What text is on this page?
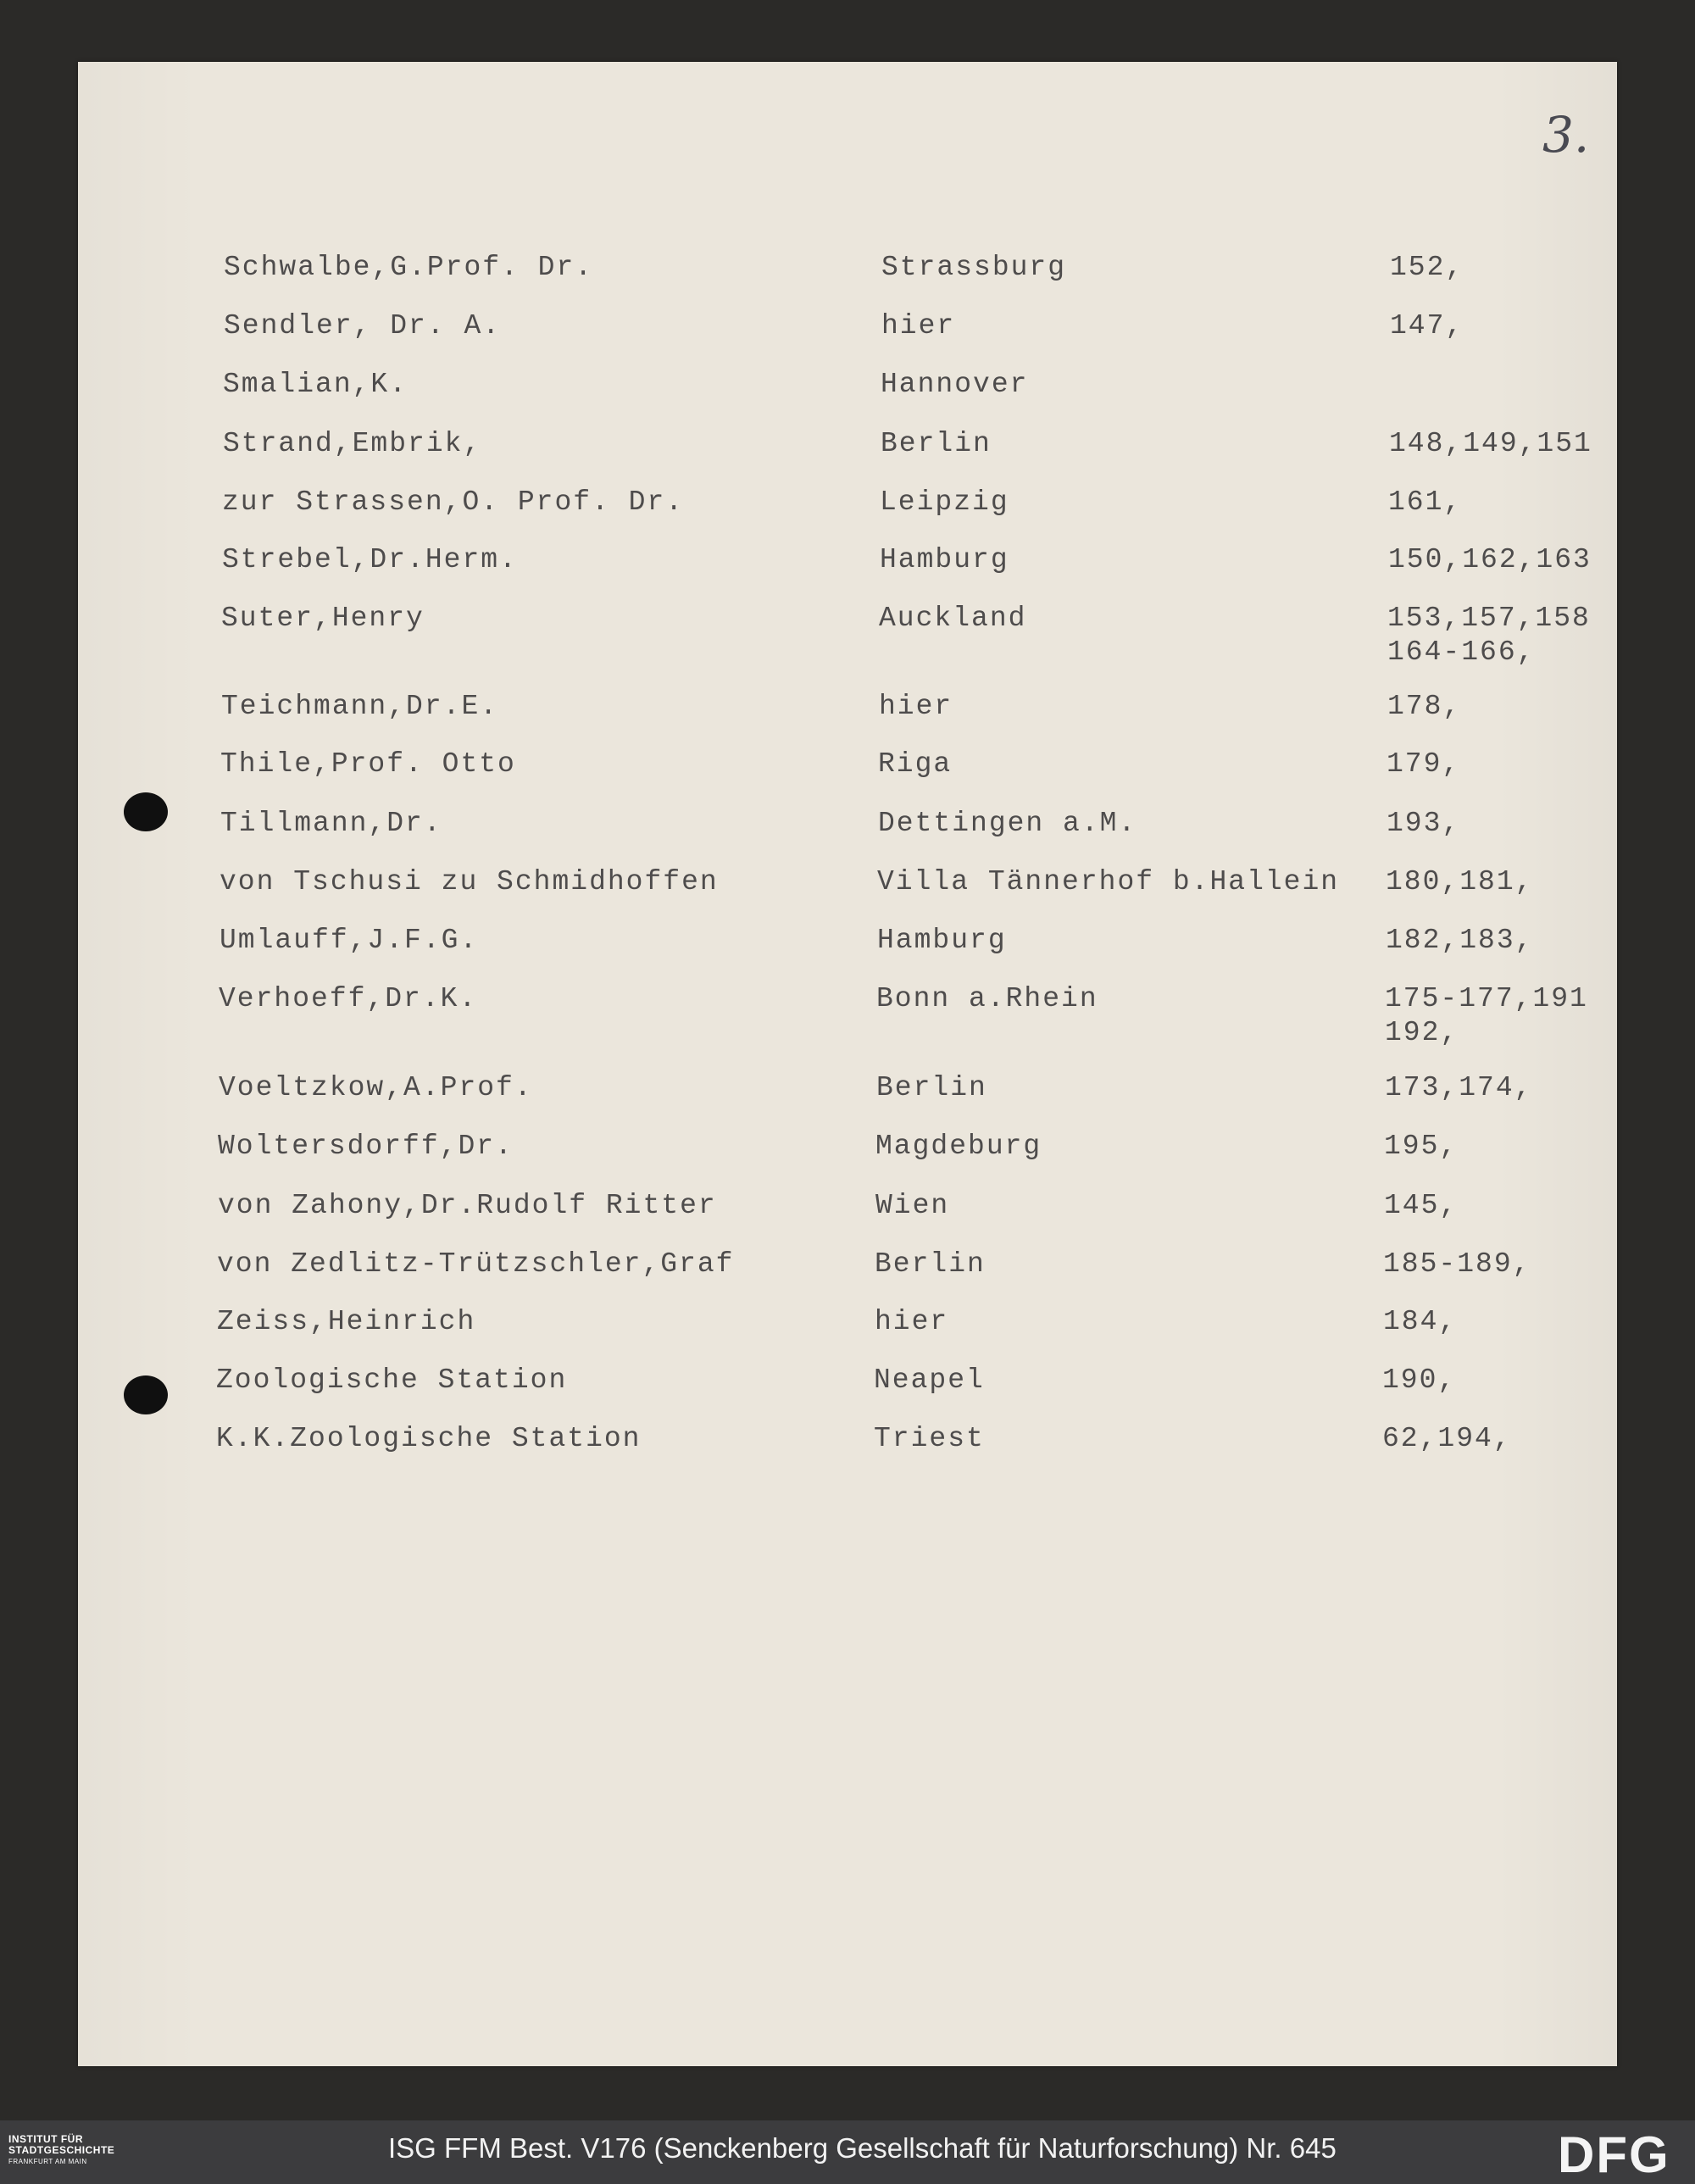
3.
Schwalbe,G.Prof. Dr.	Strassburg	152,
Sendler, Dr. A.	hier	147,
Smalian,K.	Hannover
Strand,Embrik,	Berlin	148,149,151
zur Strassen,O. Prof. Dr.	Leipzig	161,
Strebel,Dr.Herm.	Hamburg	150,162,163
Suter,Henry	Auckland	153,157,158
164-166,
Teichmann,Dr.E.	hier	178,
Thile,Prof. Otto	Riga	179,
Tillmann,Dr.	Dettingen a.M.	193,
von Tschusi zu Schmidhoffen	Villa Tännerhof b.Hallein 180,181,
Umlauff,J.F.G.	Hamburg	182,183,
Verhoeff,Dr.K.	Bonn a.Rhein	175-177,191
192,
Voeltzkow,A.Prof.	Berlin	173,174,
Woltersdorff,Dr.	Magdeburg	195,
von Zahony,Dr.Rudolf Ritter	Wien	145,
von Zedlitz-Trützschler,Graf	Berlin	185-189,
Zeiss,Heinrich	hier	184,
Zoologische Station	Neapel	190,
K.K.Zoologische Station	Triest	62,194,
INSTITUT FÜR
STADTGESCHICHTE
FRANKFURT AM MAIN	ISG FFM Best. V176 (Senckenberg Gesellschaft für Naturforschung) Nr. 645	DFG
